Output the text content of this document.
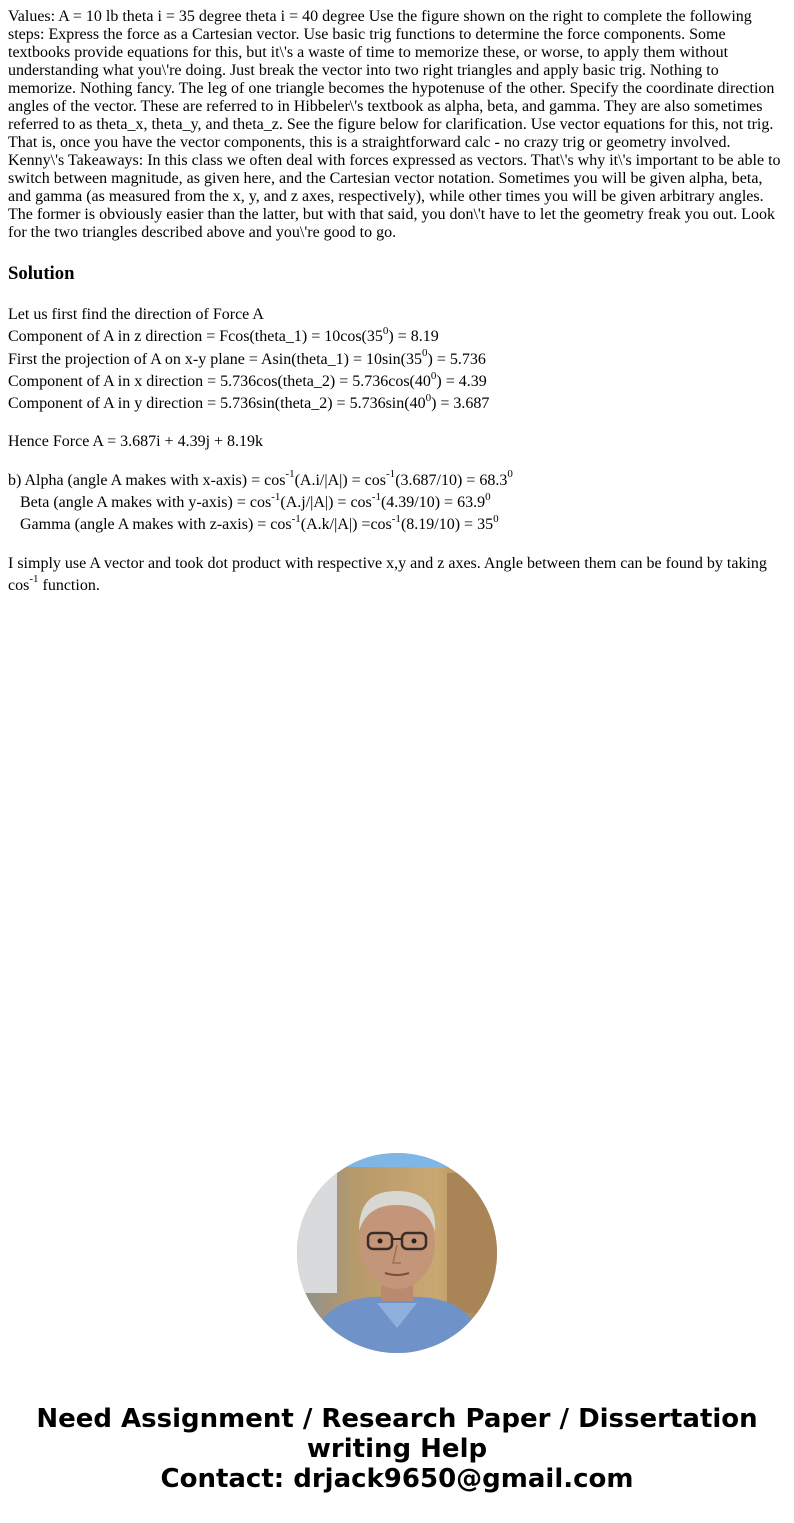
Values: A = 10 lb theta i = 35 degree theta i = 40 degree Use the figure shown on the right to complete the following steps: Express the force as a Cartesian vector. Use basic trig functions to determine the force components. Some textbooks provide equations for this, but it\'s a waste of time to memorize these, or worse, to apply them without understanding what you\'re doing. Just break the vector into two right triangles and apply basic trig. Nothing to memorize. Nothing fancy. The leg of one triangle becomes the hypotenuse of the other. Specify the coordinate direction angles of the vector. These are referred to in Hibbeler\'s textbook as alpha, beta, and gamma. They are also sometimes referred to as theta_x, theta_y, and theta_z. See the figure below for clarification. Use vector equations for this, not trig. That is, once you have the vector components, this is a straightforward calc - no crazy trig or geometry involved. Kenny\'s Takeaways: In this class we often deal with forces expressed as vectors. That\'s why it\'s important to be able to switch between magnitude, as given here, and the Cartesian vector notation. Sometimes you will be given alpha, beta, and gamma (as measured from the x, y, and z axes, respectively), while other times you will be given arbitrary angles. The former is obviously easier than the latter, but with that said, you don\'t have to let the geometry freak you out. Look for the two triangles described above and you\'re good to go.

Solution
Let us first find the direction of Force A
Component of A in z direction = Fcos(theta_1) = $10\cos(35^0) = 8.19$
First the projection of A on x-y plane = Asin(theta_1) = $10\sin(35^0) = 5.736$
Component of A in x direction = 5.736cos(theta_2) = $5.736\cos(40^0) = 4.39$
Component of A in y direction = 5.736sin(theta_2) = $5.736\sin(40^0) = 3.687$
Hence Force A = 3.687i + 4.39j + 8.19k
b) Alpha (angle A makes with x-axis) = $\cos^{-1}(A.i/|A|) = \cos^{-1}(3.687/10) = 68.3^0$
Beta (angle A makes with y-axis) = $\cos^{-1}(A.j/|A|) = \cos^{-1}(4.39/10) = 63.9^0$
Gamma (angle A makes with z-axis) = $\cos^{-1}(A.k/|A|) =\cos^{-1}(8.19/10) = 35^0$

I simply use A vector and took dot product with respective x,y and z axes. Angle between them can be found by taking $\cos^{-1}$ function.

Need Assignment / Research Paper / Dissertation
writing Help
Contact: drjack9650@gmail.com
